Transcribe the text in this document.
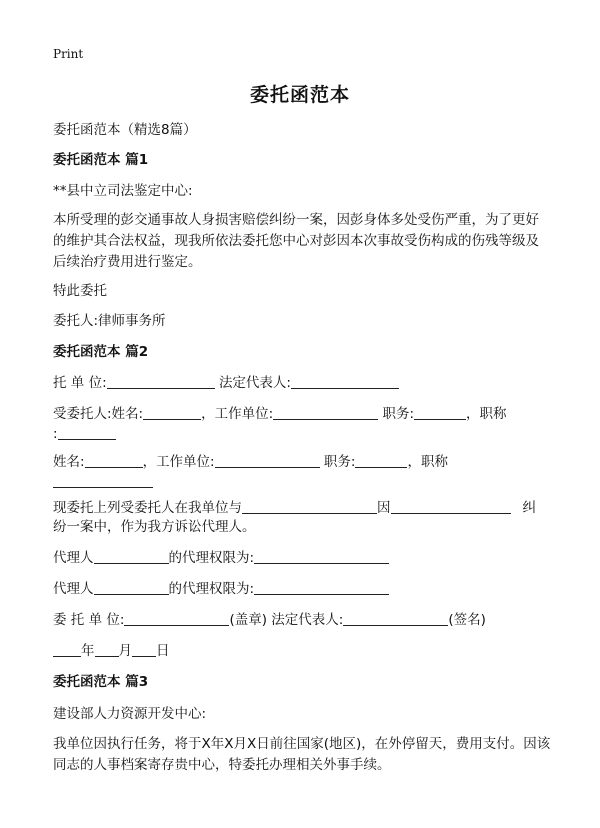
Print
委托函范本
委托函范本（精选8篇）
委托函范本 篇1
**县中立司法鉴定中心:
本所受理的彭交通事故人身损害赔偿纠纷一案，因彭身体多处受伤严重，为了更好的维护其合法权益，现我所依法委托您中心对彭因本次事故受伤构成的伤残等级及后续治疗费用进行鉴定。
特此委托
委托人:律师事务所
委托函范本 篇2
托 单 位:	法定代表人:
受委托人:姓名:	，工作单位:	职务:	，职称
:
姓名:	，工作单位:	职务:	，职称
现委托上列受委托人在我单位与	因	纠
纷一案中，作为我方诉讼代理人。
代理人	的代理权限为:
代理人	的代理权限为:
委 托 单 位:	(盖章) 法定代表人:	(签名)
年 月 日
委托函范本 篇3
建设部人力资源开发中心:
我单位因执行任务，将于X年X月X日前往国家(地区)，在外停留天，费用支付。因该同志的人事档案寄存贵中心，特委托办理相关外事手续。
